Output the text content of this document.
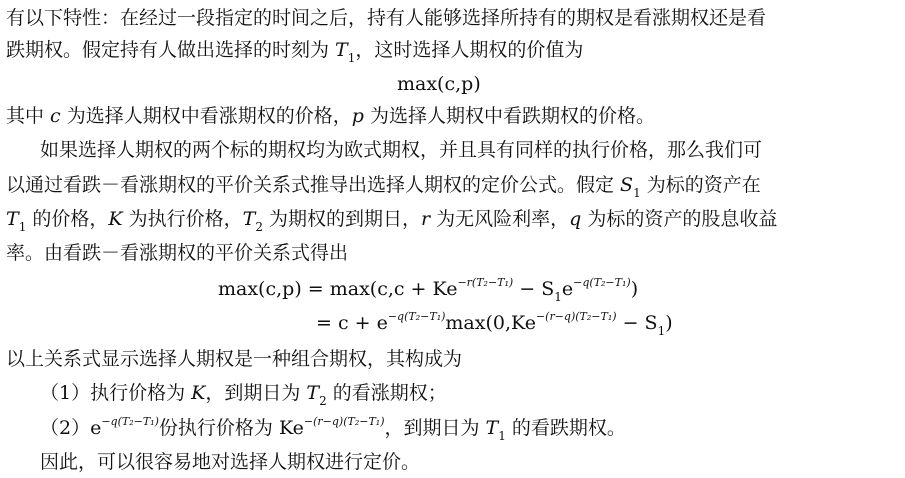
有以下特性：在经过一段指定的时间之后，持有人能够选择所持有的期权是看涨期权还是看
跌期权。假定持有人做出选择的时刻为 $T_1$，这时选择人期权的价值为
max(c,p)
其中 c 为选择人期权中看涨期权的价格，p 为选择人期权中看跌期权的价格。
如果选择人期权的两个标的期权均为欧式期权，并且具有同样的执行价格，那么我们可
以通过看跌－看涨期权的平价关系式推导出选择人期权的定价公式。假定 $S_1$ 为标的资产在
$T_1$ 的价格，K 为执行价格，$T_2$ 为期权的到期日，r 为无风险利率，q 为标的资产的股息收益
率。由看跌－看涨期权的平价关系式得出
$\max(c,p) = \max(c,c + Ke^{-r(T_2-T_1)} - S_1e^{-q(T_2-T_1)})$
= $c + e^{-q(T_2-T_1)}\max(0,Ke^{-(r-q)(T_2-T_1)} - S_1)$
以上关系式显示选择人期权是一种组合期权，其构成为
（1）执行价格为 K，到期日为 $T_2$ 的看涨期权；
$(2)e^{-q(T_2-T_1)}$份执行价格为 $Ke^{-(r-q)(T_2-T_1)}$，到期日为 $T_1$ 的看跌期权。
因此，可以很容易地对选择人期权进行定价。
